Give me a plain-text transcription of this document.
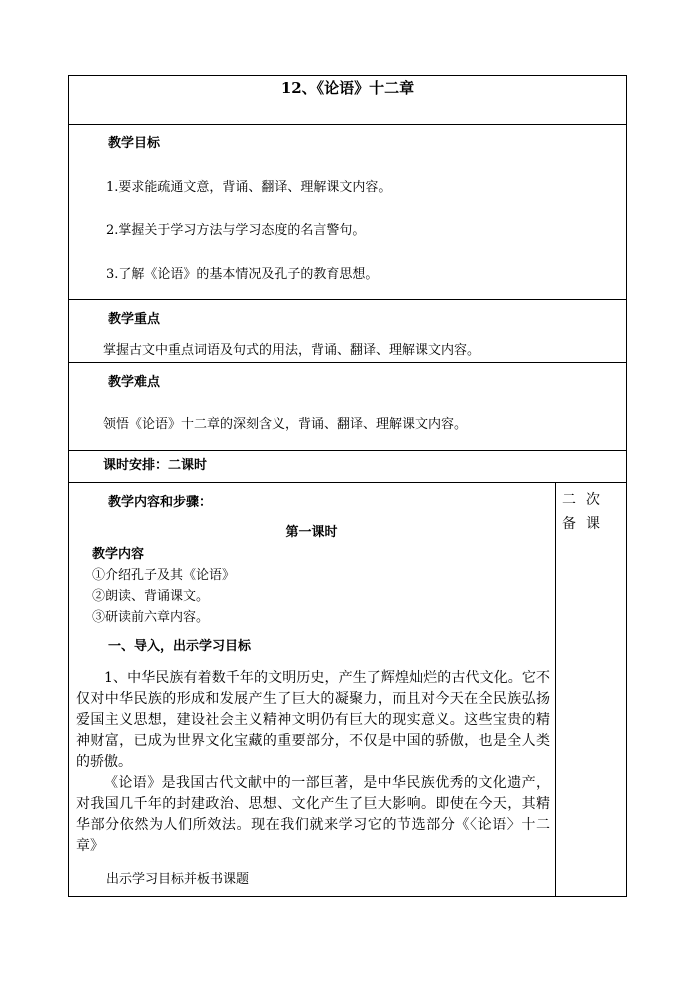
12、《论语》十二章
教学目标
1.要求能疏通文意，背诵、翻译、理解课文内容。
2.掌握关于学习方法与学习态度的名言警句。
3.了解《论语》的基本情况及孔子的教育思想。
教学重点
掌握古文中重点词语及句式的用法，背诵、翻译、理解课文内容。
教学难点
领悟《论语》十二章的深刻含义，背诵、翻译、理解课文内容。
课时安排：二课时
教学内容和步骤：
第一课时
教学内容
①介绍孔子及其《论语》
②朗读、背诵课文。
③研读前六章内容。
一、导入，出示学习目标
1、中华民族有着数千年的文明历史，产生了辉煌灿烂的古代文化。它不仅对中华民族的形成和发展产生了巨大的凝聚力，而且对今天在全民族弘扬爱国主义思想，建设社会主义精神文明仍有巨大的现实意义。这些宝贵的精神财富，已成为世界文化宝藏的重要部分，不仅是中国的骄傲，也是全人类的骄傲。
《论语》是我国古代文献中的一部巨著，是中华民族优秀的文化遗产，对我国几千年的封建政治、思想、文化产生了巨大影响。即使在今天，其精华部分依然为人们所效法。现在我们就来学习它的节选部分《〈论语〉十二章》
出示学习目标并板书课题
二次备课
